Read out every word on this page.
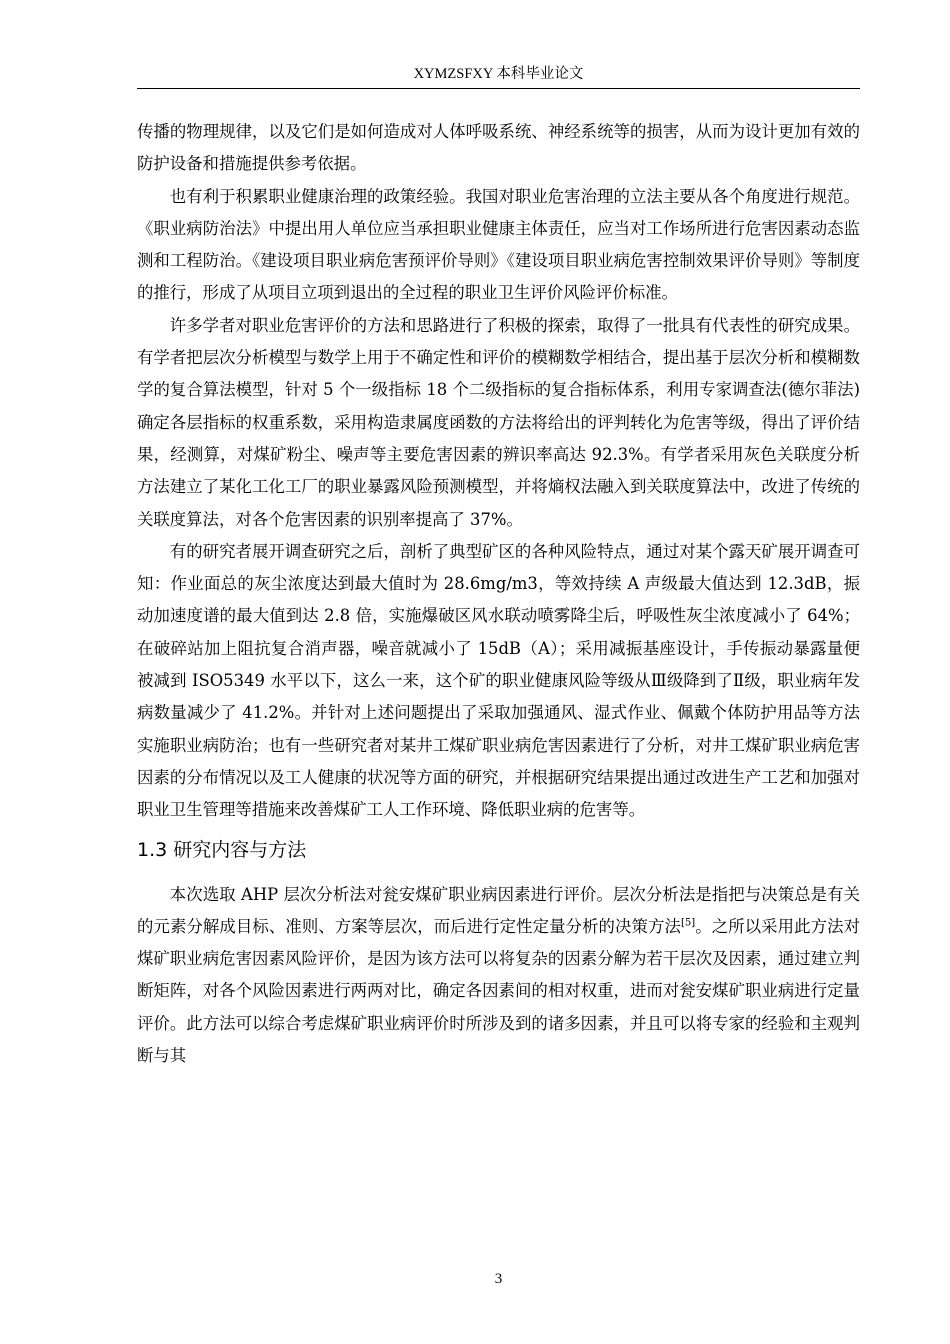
XYMZSFXY 本科毕业论文

传播的物理规律，以及它们是如何造成对人体呼吸系统、神经系统等的损害，从而为设计更加有效的防护设备和措施提供参考依据。

也有利于积累职业健康治理的政策经验。我国对职业危害治理的立法主要从各个角度进行规范。《职业病防治法》中提出用人单位应当承担职业健康主体责任，应当对工作场所进行危害因素动态监测和工程防治。《建设项目职业病危害预评价导则》《建设项目职业病危害控制效果评价导则》等制度的推行，形成了从项目立项到退出的全过程的职业卫生评价风险评价标准。

许多学者对职业危害评价的方法和思路进行了积极的探索，取得了一批具有代表性的研究成果。有学者把层次分析模型与数学上用于不确定性和评价的模糊数学相结合，提出基于层次分析和模糊数学的复合算法模型，针对 5 个一级指标 18 个二级指标的复合指标体系，利用专家调查法(德尔菲法)确定各层指标的权重系数，采用构造隶属度函数的方法将给出的评判转化为危害等级，得出了评价结果，经测算，对煤矿粉尘、噪声等主要危害因素的辨识率高达 92.3%。有学者采用灰色关联度分析方法建立了某化工化工厂的职业暴露风险预测模型，并将熵权法融入到关联度算法中，改进了传统的关联度算法，对各个危害因素的识别率提高了 37%。

有的研究者展开调查研究之后，剖析了典型矿区的各种风险特点，通过对某个露天矿展开调查可知：作业面总的灰尘浓度达到最大值时为 28.6mg/m3，等效持续 A 声级最大值达到 12.3dB，振动加速度谱的最大值到达 2.8 倍，实施爆破区风水联动喷雾降尘后，呼吸性灰尘浓度减小了 64%；在破碎站加上阻抗复合消声器，噪音就减小了 15dB（A）；采用减振基座设计，手传振动暴露量便被减到 ISO5349 水平以下，这么一来，这个矿的职业健康风险等级从Ⅲ级降到了Ⅱ级，职业病年发病数量减少了 41.2%。并针对上述问题提出了采取加强通风、湿式作业、佩戴个体防护用品等方法实施职业病防治；也有一些研究者对某井工煤矿职业病危害因素进行了分析，对井工煤矿职业病危害因素的分布情况以及工人健康的状况等方面的研究，并根据研究结果提出通过改进生产工艺和加强对职业卫生管理等措施来改善煤矿工人工作环境、降低职业病的危害等。

1.3 研究内容与方法

本次选取 AHP 层次分析法对瓮安煤矿职业病因素进行评价。层次分析法是指把与决策总是有关的元素分解成目标、准则、方案等层次，而后进行定性定量分析的决策方法[5]。之所以采用此方法对煤矿职业病危害因素风险评价，是因为该方法可以将复杂的因素分解为若干层次及因素，通过建立判断矩阵，对各个风险因素进行两两对比，确定各因素间的相对权重，进而对瓮安煤矿职业病进行定量评价。此方法可以综合考虑煤矿职业病评价时所涉及到的诸多因素，并且可以将专家的经验和主观判断与其

3
